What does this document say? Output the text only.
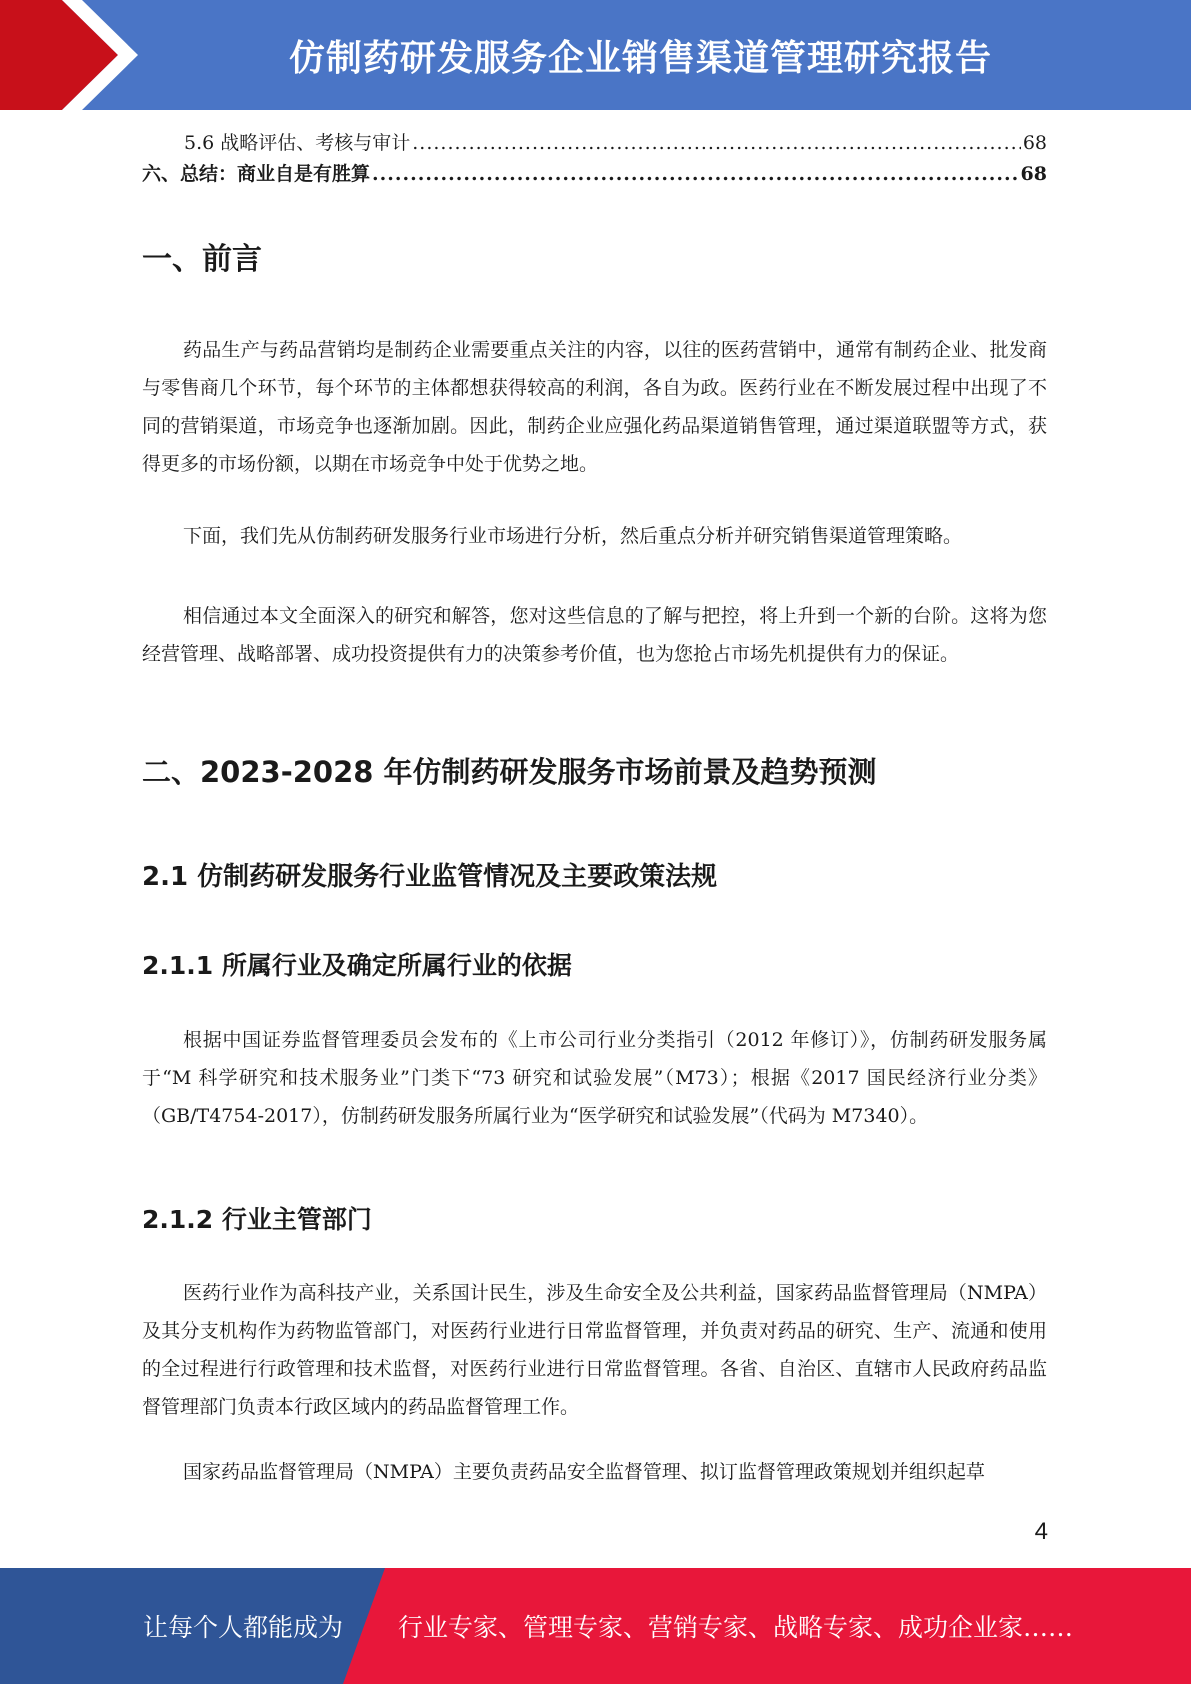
仿制药研发服务企业销售渠道管理研究报告
5.6 战略评估、考核与审计 .....	68
六、总结：商业自是有胜算 .....	68
一、前言

药品生产与药品营销均是制药企业需要重点关注的内容，以往的医药营销中，通常有制药企业、批发商与零售商几个环节，每个环节的主体都想获得较高的利润，各自为政。医药行业在不断发展过程中出现了不同的营销渠道，市场竞争也逐渐加剧。因此，制药企业应强化药品渠道销售管理，通过渠道联盟等方式，获得更多的市场份额，以期在市场竞争中处于优势之地。

下面，我们先从仿制药研发服务行业市场进行分析，然后重点分析并研究销售渠道管理策略。

相信通过本文全面深入的研究和解答，您对这些信息的了解与把控，将上升到一个新的台阶。这将为您经营管理、战略部署、成功投资提供有力的决策参考价值，也为您抢占市场先机提供有力的保证。

二、2023-2028 年仿制药研发服务市场前景及趋势预测
2.1 仿制药研发服务行业监管情况及主要政策法规
2.1.1 所属行业及确定所属行业的依据

根据中国证券监督管理委员会发布的《上市公司行业分类指引（2012 年修订）》，仿制药研发服务属于“M 科学研究和技术服务业”门类下“73 研究和试验发展”（M73）；根据《2017 国民经济行业分类》（GB/T4754-2017），仿制药研发服务所属行业为“医学研究和试验发展”（代码为 M7340）。

2.1.2 行业主管部门

医药行业作为高科技产业，关系国计民生，涉及生命安全及公共利益，国家药品监督管理局（NMPA）及其分支机构作为药物监管部门，对医药行业进行日常监督管理，并负责对药品的研究、生产、流通和使用的全过程进行行政管理和技术监督，对医药行业进行日常监督管理。各省、自治区、直辖市人民政府药品监督管理部门负责本行政区域内的药品监督管理工作。

国家药品监督管理局（NMPA）主要负责药品安全监督管理、拟订监督管理政策规划并组织起草

4
让每个人都能成为 行业专家、管理专家、营销专家、战略专家、成功企业家……
